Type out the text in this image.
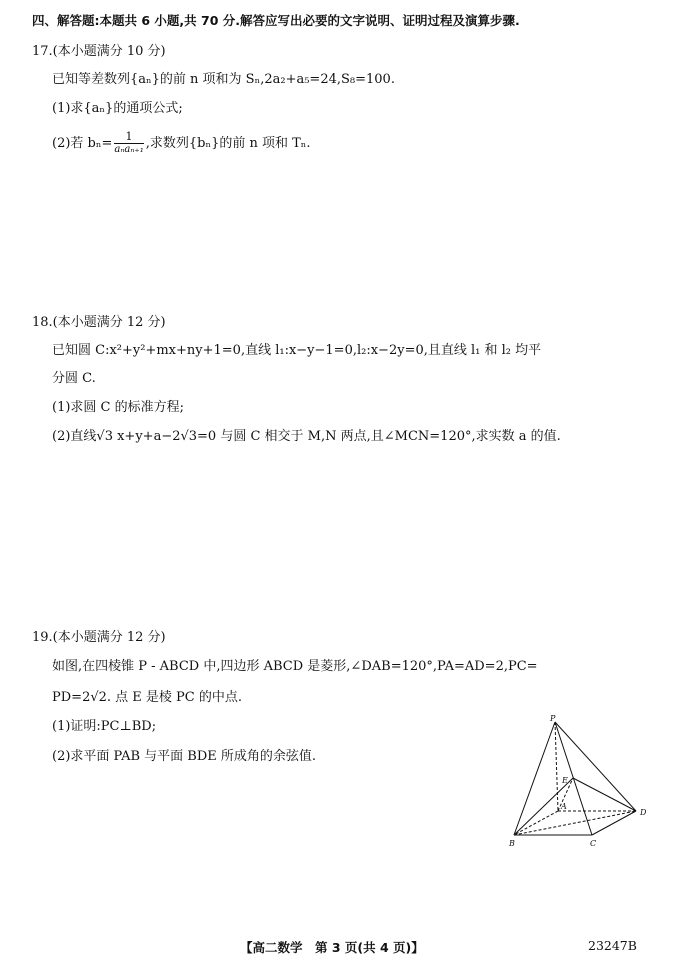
四、解答题:本题共 6 小题,共 70 分.解答应写出必要的文字说明、证明过程及演算步骤.
17.(本小题满分 10 分)
已知等差数列{aₙ}的前 n 项和为 Sₙ,2a₂+a₅=24,S₈=100.
(1)求{aₙ}的通项公式;
(2)若 $b_n= \frac{1}{\text{aₙaₙ₊₁}}$ ,求数列{bₙ}的前 n 项和 Tₙ.
18.(本小题满分 12 分)
已知圆 C:x²+y²+mx+ny+1=0,直线 l₁:x−y−1=0,l₂:x−2y=0,且直线 l₁ 和 l₂ 均平
分圆 C.
(1)求圆 C 的标准方程;
(2)直线√3 x+y+a−2√3=0 与圆 C 相交于 M,N 两点,且∠MCN=120°,求实数 a 的值.
19.(本小题满分 12 分)
如图,在四棱锥 P - ABCD 中,四边形 ABCD 是菱形,∠DAB=120°,PA=AD=2,PC=
PD=2√2. 点 E 是棱 PC 的中点.
(1)证明:PC⊥BD;
(2)求平面 PAB 与平面 BDE 所成角的余弦值.
P
E
A
D
B	C
【高二数学　第 3 页(共 4 页)】	23247B
